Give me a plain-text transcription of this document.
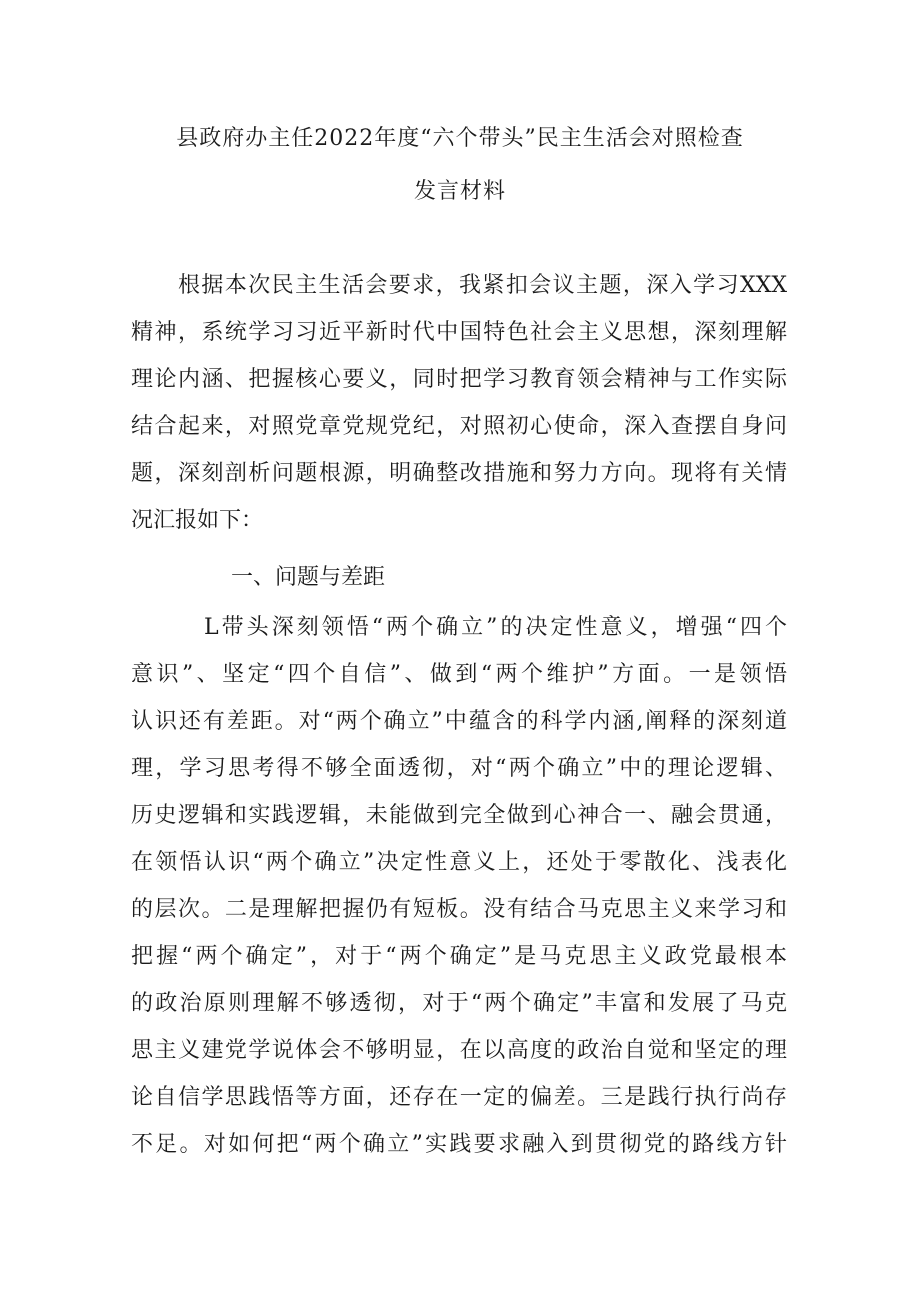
县政府办主任2022年度“六个带头”民主生活会对照检查
发言材料
根据本次民主生活会要求，我紧扣会议主题，深入学习XXX
精神，系统学习习近平新时代中国特色社会主义思想，深刻理解
理论内涵、把握核心要义，同时把学习教育领会精神与工作实际
结合起来，对照党章党规党纪，对照初心使命，深入查摆自身问
题，深刻剖析问题根源，明确整改措施和努力方向。现将有关情
况汇报如下：
一、问题与差距
L带头深刻领悟“两个确立”的决定性意义，增强“四个
意识”、坚定“四个自信”、做到“两个维护”方面。一是领悟
认识还有差距。对“两个确立”中蕴含的科学内涵,阐释的深刻道
理，学习思考得不够全面透彻，对“两个确立”中的理论逻辑、
历史逻辑和实践逻辑，未能做到完全做到心神合一、融会贯通，
在领悟认识“两个确立”决定性意义上，还处于零散化、浅表化
的层次。二是理解把握仍有短板。没有结合马克思主义来学习和
把握“两个确定”，对于“两个确定”是马克思主义政党最根本
的政治原则理解不够透彻，对于“两个确定”丰富和发展了马克
思主义建党学说体会不够明显，在以高度的政治自觉和坚定的理
论自信学思践悟等方面，还存在一定的偏差。三是践行执行尚存
不足。对如何把“两个确立”实践要求融入到贯彻党的路线方针
